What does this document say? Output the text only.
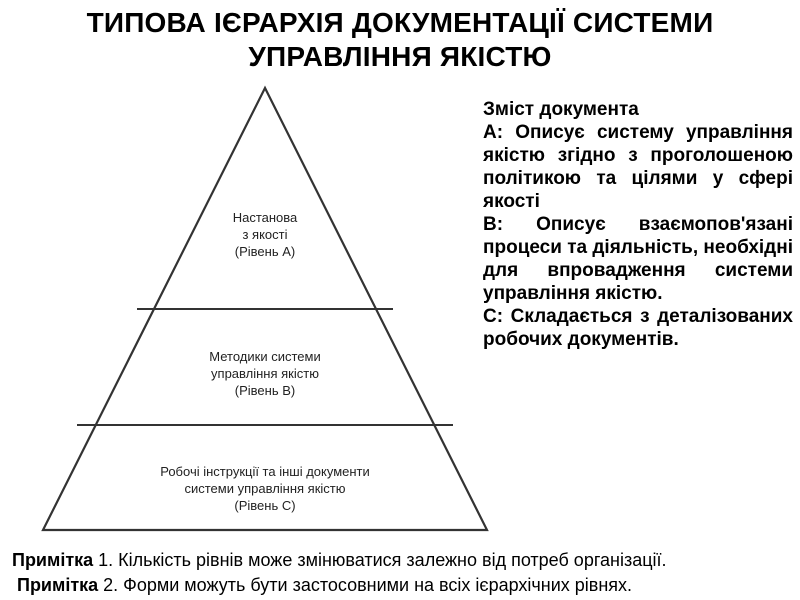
ТИПОВА ІЄРАРХІЯ ДОКУМЕНТАЦІЇ СИСТЕМИ
УПРАВЛІННЯ ЯКІСТЮ
Настанова
з якості
(Рівень А)
Методики системи
управління якістю
(Рівень В)
Робочі інструкції та інші документи
системи управління якістю
(Рівень С)
Зміст документа
A: Описує систему управління якістю згідно з проголошеною політикою та цілями у сфері якості
B: Описує взаємопов'язані процеси та діяльність, необхідні для впровадження системи управління якістю.
С: Складається з деталізованих робочих документів.
Примітка 1. Кількість рівнів може змінюватися залежно від потреб організації.
Примітка 2. Форми можуть бути застосовними на всіх ієрархічних рівнях.
